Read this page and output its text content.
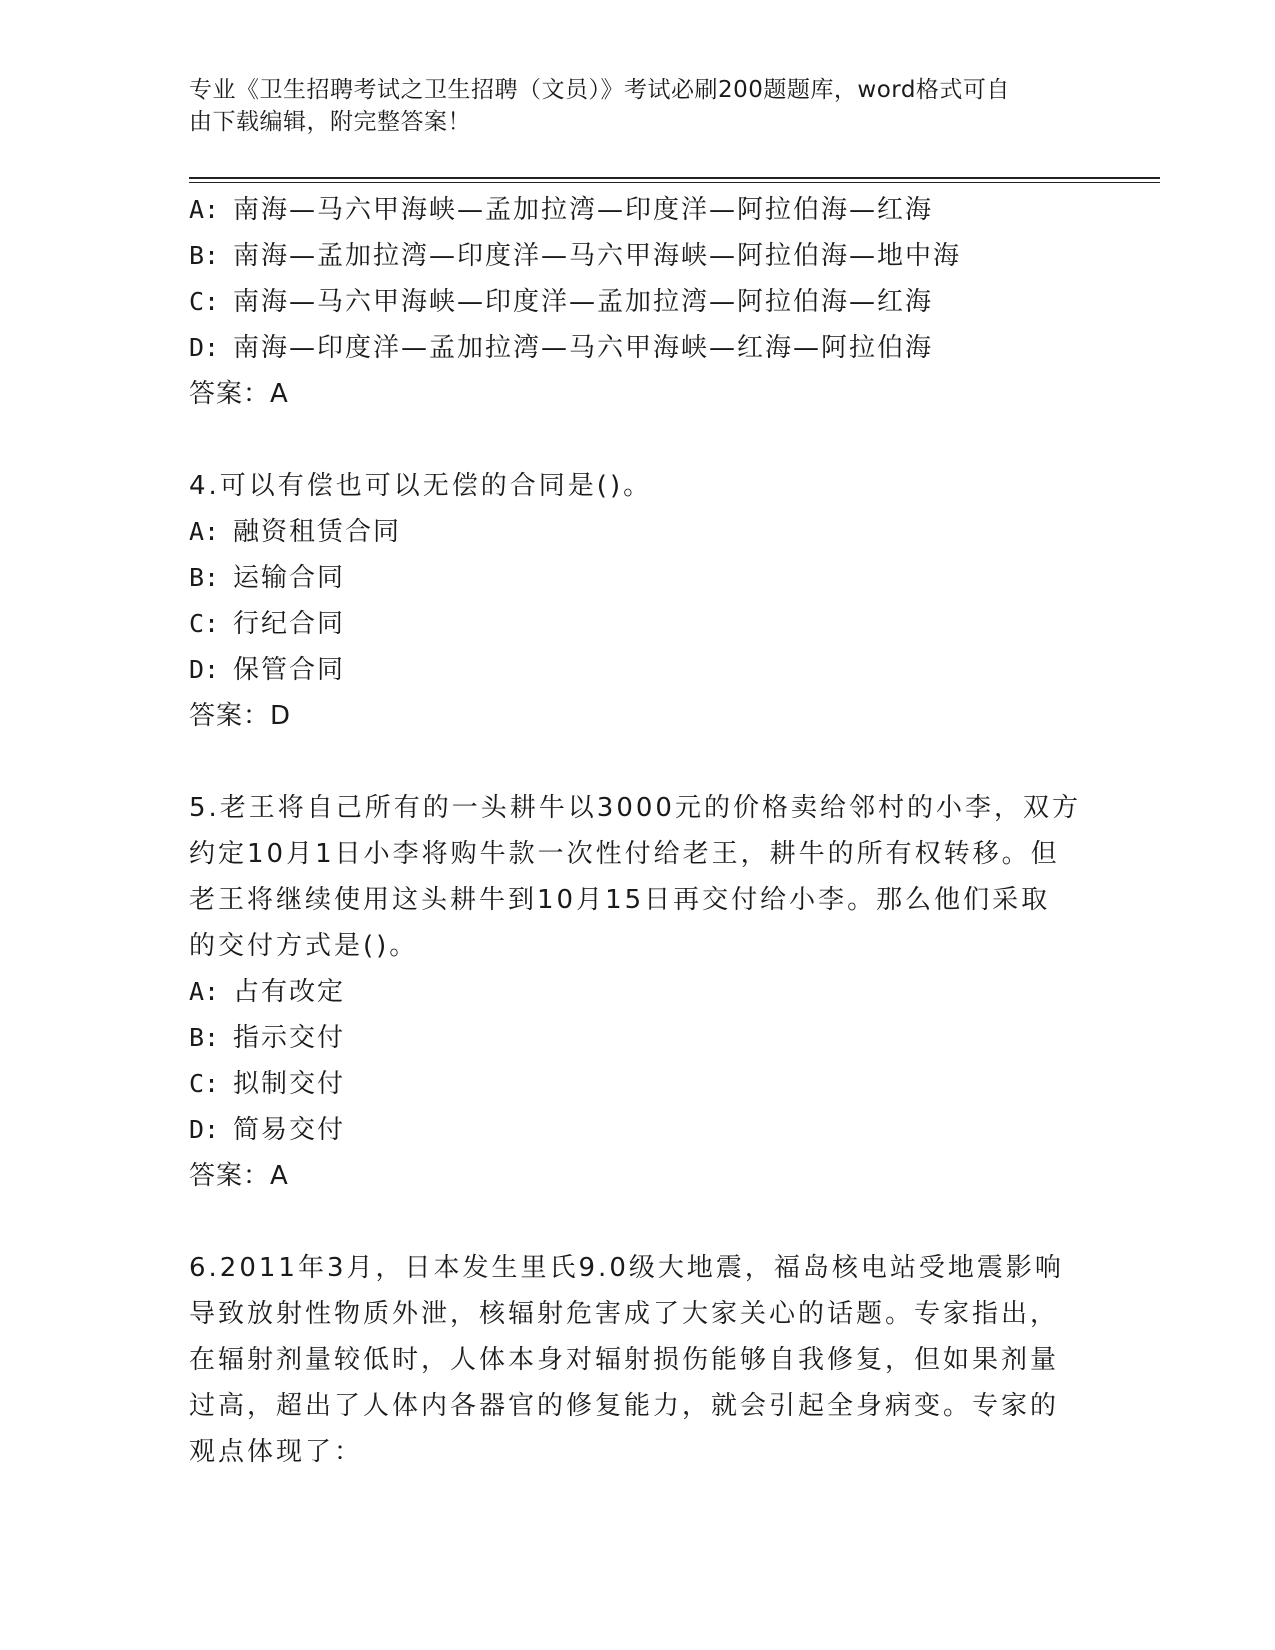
专业《卫生招聘考试之卫生招聘（文员）》考试必刷200题题库，word格式可自
由下载编辑，附完整答案！
A: 南海—马六甲海峡—孟加拉湾—印度洋—阿拉伯海—红海
B: 南海—孟加拉湾—印度洋—马六甲海峡—阿拉伯海—地中海
C: 南海—马六甲海峡—印度洋—孟加拉湾—阿拉伯海—红海
D: 南海—印度洋—孟加拉湾—马六甲海峡—红海—阿拉伯海
答案：A
4.可以有偿也可以无偿的合同是()。
A: 融资租赁合同
B: 运输合同
C: 行纪合同
D: 保管合同
答案：D
5.老王将自己所有的一头耕牛以3000元的价格卖给邻村的小李，双方
约定10月1日小李将购牛款一次性付给老王，耕牛的所有权转移。但
老王将继续使用这头耕牛到10月15日再交付给小李。那么他们采取
的交付方式是()。
A: 占有改定
B: 指示交付
C: 拟制交付
D: 简易交付
答案：A
6.2011年3月，日本发生里氏9.0级大地震，福岛核电站受地震影响
导致放射性物质外泄，核辐射危害成了大家关心的话题。专家指出，
在辐射剂量较低时，人体本身对辐射损伤能够自我修复，但如果剂量
过高，超出了人体内各器官的修复能力，就会引起全身病变。专家的
观点体现了：
